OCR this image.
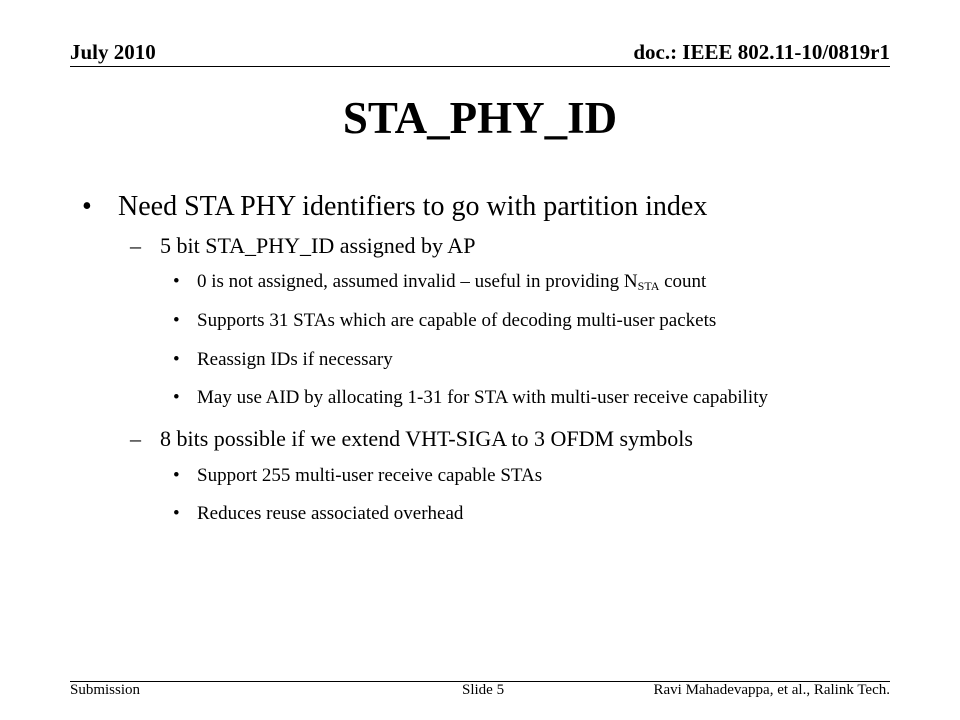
July 2010	doc.: IEEE 802.11-10/0819r1
STA_PHY_ID
• Need STA PHY identifiers to go with partition index
– 5 bit STA_PHY_ID assigned by AP
• 0 is not assigned, assumed invalid – useful in providing $N_{STA}$ count
• Supports 31 STAs which are capable of decoding multi-user packets
• Reassign IDs if necessary
• May use AID by allocating 1-31 for STA with multi-user receive capability
– 8 bits possible if we extend VHT-SIGA to 3 OFDM symbols
• Support 255 multi-user receive capable STAs
• Reduces reuse associated overhead
Submission	Slide 5	Ravi Mahadevappa, et al., Ralink Tech.
